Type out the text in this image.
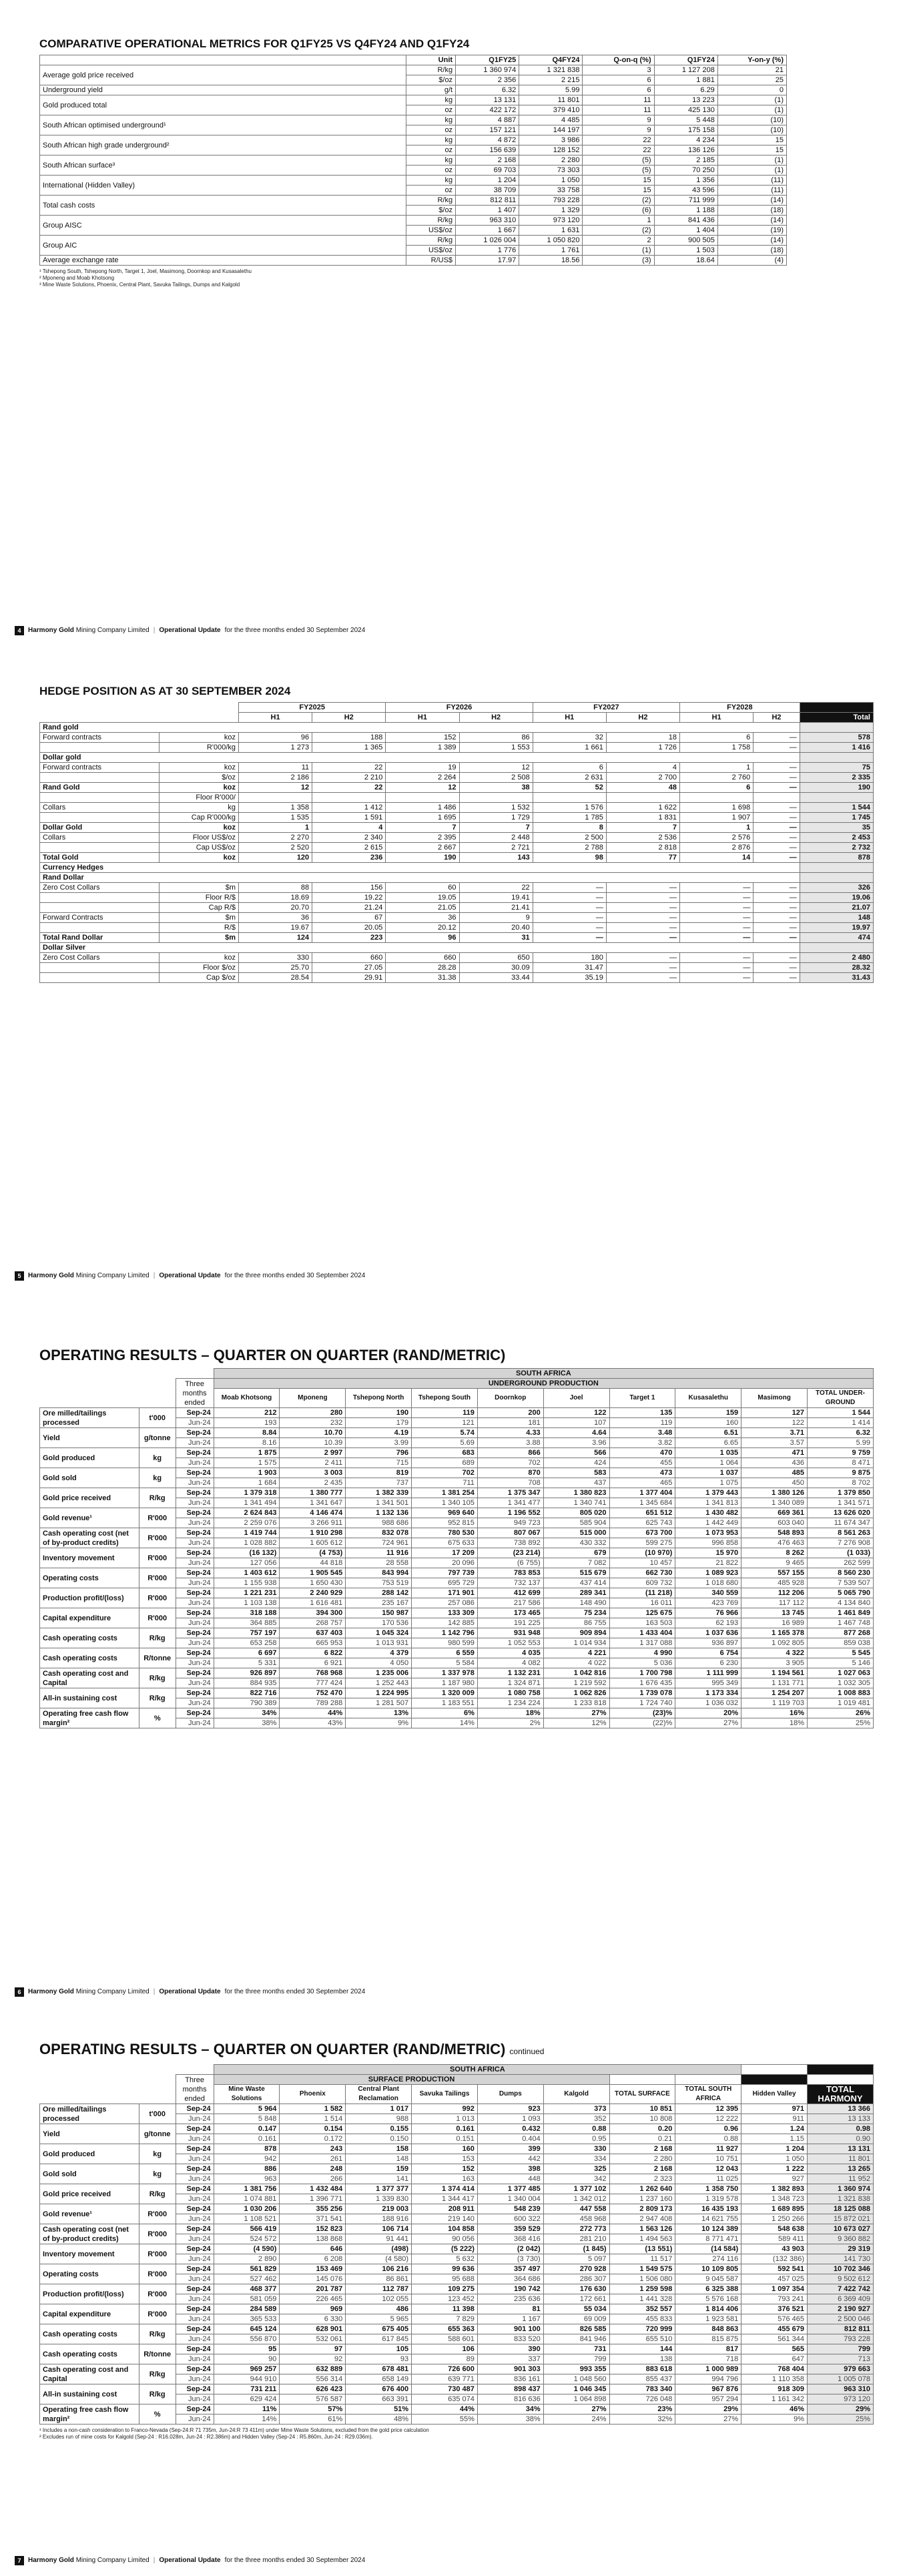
COMPARATIVE OPERATIONAL METRICS FOR Q1FY25 VS Q4FY24 AND Q1FY24
	Unit	Q1FY25	Q4FY24	Q-on-q (%)	Q1FY24	Y-on-y (%)
Average gold price received	R/kg	1 360 974	1 321 838	3	1 127 208	21
	$/oz	2 356	2 215	6	1 881	25
Underground yield	g/t	6.32	5.99	6	6.29	0
Gold produced total	kg	13 131	11 801	11	13 223	(1)
	oz	422 172	379 410	11	425 130	(1)
South African optimised underground¹	kg	4 887	4 485	9	5 448	(10)
	oz	157 121	144 197	9	175 158	(10)
South African high grade underground²	kg	4 872	3 986	22	4 234	15
	oz	156 639	128 152	22	136 126	15
South African surface³	kg	2 168	2 280	(5)	2 185	(1)
	oz	69 703	73 303	(5)	70 250	(1)
International (Hidden Valley)	kg	1 204	1 050	15	1 356	(11)
	oz	38 709	33 758	15	43 596	(11)
Total cash costs	R/kg	812 811	793 228	(2)	711 999	(14)
	$/oz	1 407	1 329	(6)	1 188	(18)
Group AISC	R/kg	963 310	973 120	1	841 436	(14)
	US$/oz	1 667	1 631	(2)	1 404	(19)
Group AIC	R/kg	1 026 004	1 050 820	2	900 505	(14)
	US$/oz	1 776	1 761	(1)	1 503	(18)
Average exchange rate	R/US$	17.97	18.56	(3)	18.64	(4)
¹ Tshepong South, Tshepong North, Target 1, Joel, Masimong, Doornkop and Kusasalethu
² Mponeng and Moab Khotsong
³ Mine Waste Solutions, Phoenix, Central Plant, Savuka Tailings, Dumps and Kalgold
4	Harmony Gold Mining Company Limited | Operational Update for the three months ended 30 September 2024
HEDGE POSITION AS AT 30 SEPTEMBER 2024
		FY2025		FY2026		FY2027		FY2028		
		H1	H2	H1	H2	H1	H2	H1	H2	Total
Rand gold										
Forward contracts	koz	96	188	152	86	32	18	6	—	578
	R'000/kg	1 273	1 365	1 389	1 553	1 661	1 726	1 758	—	1 416
Dollar gold										
Forward contracts	koz	11	22	19	12	6	4	1	—	75
	$/oz	2 186	2 210	2 264	2 508	2 631	2 700	2 760	—	2 335
Rand Gold	koz	12	22	12	38	52	48	6	—	190
	Floor R'000/									
Collars	kg	1 358	1 412	1 486	1 532	1 576	1 622	1 698	—	1 544
	Cap R'000/kg	1 535	1 591	1 695	1 729	1 785	1 831	1 907	—	1 745
Dollar Gold	koz	1	4	7	7	8	7	1	—	35
Collars	Floor US$/oz	2 270	2 340	2 395	2 448	2 500	2 536	2 576	—	2 453
	Cap US$/oz	2 520	2 615	2 667	2 721	2 788	2 818	2 876	—	2 732
Total Gold	koz	120	236	190	143	98	77	14	—	878
Currency Hedges										
Rand Dollar										
Zero Cost Collars	$m	88	156	60	22	—	—	—	—	326
	Floor R/$	18.69	19.22	19.05	19.41	—	—	—	—	19.06
	Cap R/$	20.70	21.24	21.05	21.41	—	—	—	—	21.07
Forward Contracts	$m	36	67	36	9	—	—	—	—	148
	R/$	19.67	20.05	20.12	20.40	—	—	—	—	19.97
Total Rand Dollar	$m	124	223	96	31	—	—	—	—	474
Dollar Silver										
Zero Cost Collars	koz	330	660	660	650	180	—	—	—	2 480
	Floor $/oz	25.70	27.05	28.28	30.09	31.47	—	—	—	28.32
	Cap $/oz	28.54	29.91	31.38	33.44	35.19	—	—	—	31.43
5	Harmony Gold Mining Company Limited | Operational Update for the three months ended 30 September 2024
OPERATING RESULTS – QUARTER ON QUARTER (RAND/METRIC)
			SOUTH AFRICA									
		Three months ended	UNDERGROUND PRODUCTION									
			Moab Khotsong	Mponeng	Tshepong North	Tshepong South	Doornkop	Joel	Target 1	Kusasalethu	Masimong	TOTAL UNDER-GROUND
Ore milled/tailings processed	t'000	Sep-24	212	280	190	119	200	122	135	159	127	1 544
		Jun-24	193	232	179	121	181	107	119	160	122	1 414
Yield	g/tonne	Sep-24	8.84	10.70	4.19	5.74	4.33	4.64	3.48	6.51	3.71	6.32
		Jun-24	8.16	10.39	3.99	5.69	3.88	3.96	3.82	6.65	3.57	5.99
Gold produced	kg	Sep-24	1 875	2 997	796	683	866	566	470	1 035	471	9 759
		Jun-24	1 575	2 411	715	689	702	424	455	1 064	436	8 471
Gold sold	kg	Sep-24	1 903	3 003	819	702	870	583	473	1 037	485	9 875
		Jun-24	1 684	2 435	737	711	708	437	465	1 075	450	8 702
Gold price received	R/kg	Sep-24	1 379 318	1 380 777	1 382 339	1 381 254	1 375 347	1 380 823	1 377 404	1 379 443	1 380 126	1 379 850
		Jun-24	1 341 494	1 341 647	1 341 501	1 340 105	1 341 477	1 340 741	1 345 684	1 341 813	1 340 089	1 341 571
Gold revenue¹	R'000	Sep-24	2 624 843	4 146 474	1 132 136	969 640	1 196 552	805 020	651 512	1 430 482	669 361	13 626 020
		Jun-24	2 259 076	3 266 911	988 686	952 815	949 723	585 904	625 743	1 442 449	603 040	11 674 347
Cash operating cost (net of by-product credits)	R'000	Sep-24	1 419 744	1 910 298	832 078	780 530	807 067	515 000	673 700	1 073 953	548 893	8 561 263
		Jun-24	1 028 882	1 605 612	724 961	675 633	738 892	430 332	599 275	996 858	476 463	7 276 908
Inventory movement	R'000	Sep-24	(16 132)	(4 753)	11 916	17 209	(23 214)	679	(10 970)	15 970	8 262	(1 033)
		Jun-24	127 056	44 818	28 558	20 096	(6 755)	7 082	10 457	21 822	9 465	262 599
Operating costs	R'000	Sep-24	1 403 612	1 905 545	843 994	797 739	783 853	515 679	662 730	1 089 923	557 155	8 560 230
		Jun-24	1 155 938	1 650 430	753 519	695 729	732 137	437 414	609 732	1 018 680	485 928	7 539 507
Production profit/(loss)	R'000	Sep-24	1 221 231	2 240 929	288 142	171 901	412 699	289 341	(11 218)	340 559	112 206	5 065 790
		Jun-24	1 103 138	1 616 481	235 167	257 086	217 586	148 490	16 011	423 769	117 112	4 134 840
Capital expenditure	R'000	Sep-24	318 188	394 300	150 987	133 309	173 465	75 234	125 675	76 966	13 745	1 461 849
		Jun-24	364 885	268 757	170 536	142 885	191 225	86 755	163 503	62 193	16 989	1 467 748
Cash operating costs	R/kg	Sep-24	757 197	637 403	1 045 324	1 142 796	931 948	909 894	1 433 404	1 037 636	1 165 378	877 268
		Jun-24	653 258	665 953	1 013 931	980 599	1 052 553	1 014 934	1 317 088	936 897	1 092 805	859 038
Cash operating costs	R/tonne	Sep-24	6 697	6 822	4 379	6 559	4 035	4 221	4 990	6 754	4 322	5 545
		Jun-24	5 331	6 921	4 050	5 584	4 082	4 022	5 036	6 230	3 905	5 146
Cash operating cost and Capital	R/kg	Sep-24	926 897	768 968	1 235 006	1 337 978	1 132 231	1 042 816	1 700 798	1 111 999	1 194 561	1 027 063
		Jun-24	884 935	777 424	1 252 443	1 187 980	1 324 871	1 219 592	1 676 435	995 349	1 131 771	1 032 305
All-in sustaining cost	R/kg	Sep-24	822 716	752 470	1 224 995	1 320 009	1 080 758	1 062 826	1 739 078	1 173 334	1 254 207	1 008 883
		Jun-24	790 389	789 288	1 281 507	1 183 551	1 234 224	1 233 818	1 724 740	1 036 032	1 119 703	1 019 481
Operating free cash flow margin²	%	Sep-24	34%	44%	13%	6%	18%	27%	(23)%	20%	16%	26%
		Jun-24	38%	43%	9%	14%	2%	12%	(22)%	27%	18%	25%
6	Harmony Gold Mining Company Limited | Operational Update for the three months ended 30 September 2024
OPERATING RESULTS – QUARTER ON QUARTER (RAND/METRIC) continued
			SOUTH AFRICA									
		Three months ended	SURFACE PRODUCTION									
			Mine Waste Solutions	Phoenix	Central Plant Reclamation	Savuka Tailings	Dumps	Kalgold	TOTAL SURFACE	TOTAL SOUTH AFRICA	Hidden Valley	TOTAL HARMONY
Ore milled/tailings processed	t'000	Sep-24	5 964	1 582	1 017	992	923	373	10 851	12 395	971	13 366
		Jun-24	5 848	1 514	988	1 013	1 093	352	10 808	12 222	911	13 133
Yield	g/tonne	Sep-24	0.147	0.154	0.155	0.161	0.432	0.88	0.20	0.96	1.24	0.98
		Jun-24	0.161	0.172	0.150	0.151	0.404	0.95	0.21	0.88	1.15	0.90
Gold produced	kg	Sep-24	878	243	158	160	399	330	2 168	11 927	1 204	13 131
		Jun-24	942	261	148	153	442	334	2 280	10 751	1 050	11 801
Gold sold	kg	Sep-24	886	248	159	152	398	325	2 168	12 043	1 222	13 265
		Jun-24	963	266	141	163	448	342	2 323	11 025	927	11 952
Gold price received	R/kg	Sep-24	1 381 756	1 432 484	1 377 377	1 374 414	1 377 485	1 377 102	1 262 640	1 358 750	1 382 893	1 360 974
		Jun-24	1 074 881	1 396 771	1 339 830	1 344 417	1 340 004	1 342 012	1 237 160	1 319 578	1 348 723	1 321 838
Gold revenue¹	R'000	Sep-24	1 030 206	355 256	219 003	208 911	548 239	447 558	2 809 173	16 435 193	1 689 895	18 125 088
		Jun-24	1 108 521	371 541	188 916	219 140	600 322	458 968	2 947 408	14 621 755	1 250 266	15 872 021
Cash operating cost (net of by-product credits)	R'000	Sep-24	566 419	152 823	106 714	104 858	359 529	272 773	1 563 126	10 124 389	548 638	10 673 027
		Jun-24	524 572	138 868	91 441	90 056	368 416	281 210	1 494 563	8 771 471	589 411	9 360 882
Inventory movement	R'000	Sep-24	(4 590)	646	(498)	(5 222)	(2 042)	(1 845)	(13 551)	(14 584)	43 903	29 319
		Jun-24	2 890	6 208	(4 580)	5 632	(3 730)	5 097	11 517	274 116	(132 386)	141 730
Operating costs	R'000	Sep-24	561 829	153 469	106 216	99 636	357 497	270 928	1 549 575	10 109 805	592 541	10 702 346
		Jun-24	527 462	145 076	86 861	95 688	364 686	286 307	1 506 080	9 045 587	457 025	9 502 612
Production profit/(loss)	R'000	Sep-24	468 377	201 787	112 787	109 275	190 742	176 630	1 259 598	6 325 388	1 097 354	7 422 742
		Jun-24	581 059	226 465	102 055	123 452	235 636	172 661	1 441 328	5 576 168	793 241	6 369 409
Capital expenditure	R'000	Sep-24	284 589	969	486	11 398	81	55 034	352 557	1 814 406	376 521	2 190 927
		Jun-24	365 533	6 330	5 965	7 829	1 167	69 009	455 833	1 923 581	576 465	2 500 046
Cash operating costs	R/kg	Sep-24	645 124	628 901	675 405	655 363	901 100	826 585	720 999	848 863	455 679	812 811
		Jun-24	556 870	532 061	617 845	588 601	833 520	841 946	655 510	815 875	561 344	793 228
Cash operating costs	R/tonne	Sep-24	95	97	105	106	390	731	144	817	565	799
		Jun-24	90	92	93	89	337	799	138	718	647	713
Cash operating cost and Capital	R/kg	Sep-24	969 257	632 889	678 481	726 600	901 303	993 355	883 618	1 000 989	768 404	979 663
		Jun-24	944 910	556 314	658 149	639 771	836 161	1 048 560	855 437	994 796	1 110 358	1 005 078
All-in sustaining cost	R/kg	Sep-24	731 211	626 423	676 400	730 487	898 437	1 046 345	783 340	967 876	918 309	963 310
		Jun-24	629 424	576 587	663 391	635 074	816 636	1 064 898	726 048	957 294	1 161 342	973 120
Operating free cash flow margin²	%	Sep-24	11%	57%	51%	44%	34%	27%	23%	29%	46%	29%
		Jun-24	14%	61%	48%	55%	38%	24%	32%	27%	9%	25%
¹ Includes a non-cash consideration to Franco-Nevada (Sep-24:R 71 735m, Jun-24:R 73 411m) under Mine Waste Solutions, excluded from the gold price calculation
² Excludes run of mine costs for Kalgold (Sep-24 : R16.028m, Jun-24 : R2.386m) and Hidden Valley (Sep-24 : R5.860m, Jun-24 : R29.036m).
7	Harmony Gold Mining Company Limited | Operational Update for the three months ended 30 September 2024
